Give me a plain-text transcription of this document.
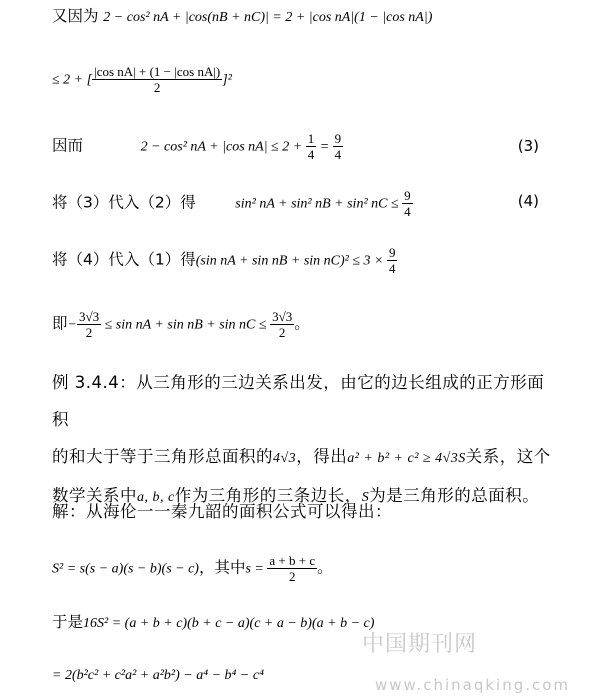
又因为 2 − cos² nA + |cos(nB + nC)| = 2 + |cos nA|(1 − |cos nA|)
≤ 2 + [ $\frac{\text{|cos nA| + (1 − |cos nA|)}}{2} ]^2$
因而	2 − cos² nA + |cos $nA| \le 2 + \frac{1}{4} = \frac{9}{4}$	(3)
将（3）代入（2）得	sin² nA + sin² nB + sin² nC ≤ $\frac{9}{4}$	(4)
将（4）代入（1）得(sin nA + sin nB + $\sin nC)^2 \le 3 \times \frac{9}{4}$
即− $\frac{3√3}{2} \le \sin$ nA + sin nB + sin nC ≤ $\frac{3√3}{2}$ 。
例 3.4.4：从三角形的三边关系出发，由它的边长组成的正方形面积
的和大于等于三角形总面积的4√3，得出a² + b² + c² ≥ 4√3S关系，这个
数学关系中a, b, c作为三角形的三条边长，S为是三角形的总面积。
解：从海伦一一秦九韶的面积公式可以得出：
S² = s(s − a)(s − b)(s − c)，其中$s = \frac{a + b + c}{2}$ 。
于是16S² = (a + b + c)(b + c − a)(c + a − b)(a + b − c)
= 2(b²c² + c²a² + a²b²) − a⁴ − b⁴ − c⁴
中国期刊网
www.chinaqking.com
